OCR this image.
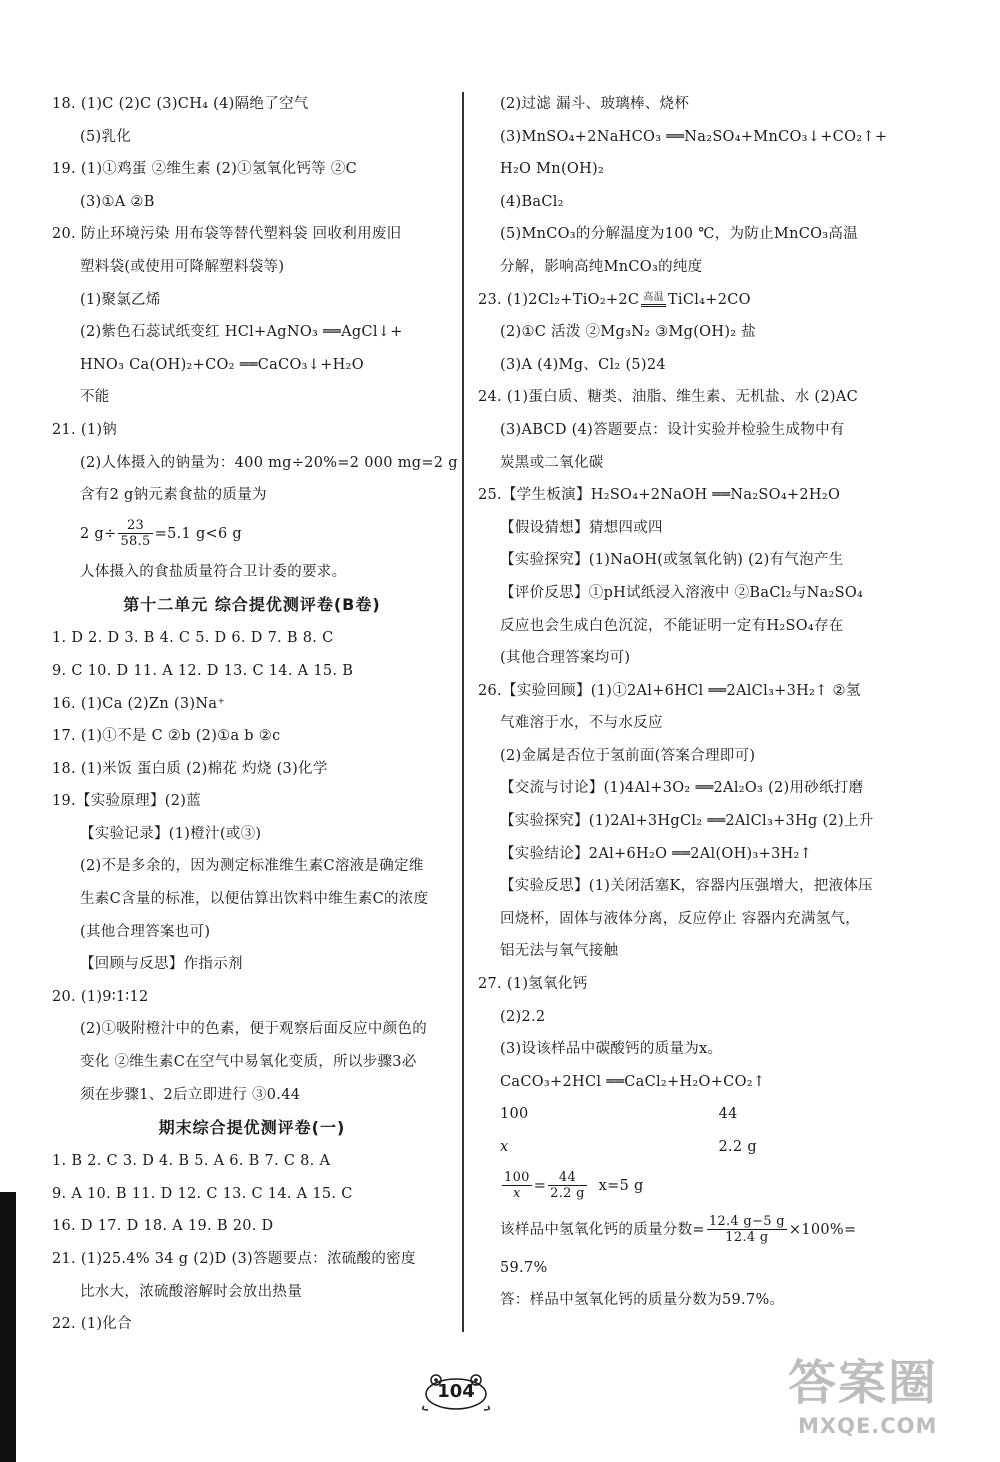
18. (1)C (2)C (3)CH₄ (4)隔绝了空气
(5)乳化
19. (1)①鸡蛋 ②维生素 (2)①氢氧化钙等 ②C
(3)①A ②B
20. 防止环境污染 用布袋等替代塑料袋 回收利用废旧
塑料袋(或使用可降解塑料袋等)
(1)聚氯乙烯
(2)紫色石蕊试纸变红 HCl+AgNO₃ ══AgCl↓+
HNO₃ Ca(OH)₂+CO₂ ══CaCO₃↓+H₂O
不能
21. (1)钠
(2)人体摄入的钠量为：400 mg÷20%=2 000 mg=2 g
含有2 g钠元素食盐的质量为
2 $g\div \frac{23}{58.5} =5.1$ g<6 g
人体摄入的食盐质量符合卫计委的要求。
第十二单元 综合提优测评卷(B卷)
1. D 2. D 3. B 4. C 5. D 6. D 7. B 8. C
9. C 10. D 11. A 12. D 13. C 14. A 15. B
16. (1)Ca (2)Zn (3)Na⁺
17. (1)①不是 C ②b (2)①a b ②c
18. (1)米饭 蛋白质 (2)棉花 灼烧 (3)化学
19.【实验原理】(2)蓝
【实验记录】(1)橙汁(或③)
(2)不是多余的，因为测定标准维生素C溶液是确定维
生素C含量的标准，以便估算出饮料中维生素C的浓度
(其他合理答案也可)
【回顾与反思】作指示剂
20. (1)9∶1∶12
(2)①吸附橙汁中的色素，便于观察后面反应中颜色的
变化 ②维生素C在空气中易氧化变质，所以步骤3必
须在步骤1、2后立即进行 ③0.44
期末综合提优测评卷(一)
1. B 2. C 3. D 4. B 5. A 6. B 7. C 8. A
9. A 10. B 11. D 12. C 13. C 14. A 15. C
16. D 17. D 18. A 19. B 20. D
21. (1)25.4% 34 g (2)D (3)答题要点：浓硫酸的密度
比水大，浓硫酸溶解时会放出热量
22. (1)化合
(2)过滤 漏斗、玻璃棒、烧杯
(3)MnSO₄+2NaHCO₃ ══Na₂SO₄+MnCO₃↓+CO₂↑+
H₂O Mn(OH)₂
(4)BaCl₂
(5)MnCO₃的分解温度为100 ℃，为防止MnCO₃高温
分解，影响高纯MnCO₃的纯度
23. (1)2Cl₂+TiO₂+2C 高温 TiCl₄+2CO
(2)①C 活泼 ②Mg₃N₂ ③Mg(OH)₂ 盐
(3)A (4)Mg、Cl₂ (5)24
24. (1)蛋白质、糖类、油脂、维生素、无机盐、水 (2)AC
(3)ABCD (4)答题要点：设计实验并检验生成物中有
炭黑或二氧化碳
25.【学生板演】H₂SO₄+2NaOH ══Na₂SO₄+2H₂O
【假设猜想】猜想四或四
【实验探究】(1)NaOH(或氢氧化钠) (2)有气泡产生
【评价反思】①pH试纸浸入溶液中 ②BaCl₂与Na₂SO₄
反应也会生成白色沉淀，不能证明一定有H₂SO₄存在
(其他合理答案均可)
26.【实验回顾】(1)①2Al+6HCl ══2AlCl₃+3H₂↑ ②氢
气难溶于水，不与水反应
(2)金属是否位于氢前面(答案合理即可)
【交流与讨论】(1)4Al+3O₂ ══2Al₂O₃ (2)用砂纸打磨
【实验探究】(1)2Al+3HgCl₂ ══2AlCl₃+3Hg (2)上升
【实验结论】2Al+6H₂O ══2Al(OH)₃+3H₂↑
【实验反思】(1)关闭活塞K，容器内压强增大，把液体压
回烧杯，固体与液体分离，反应停止 容器内充满氢气，
铝无法与氧气接触
27. (1)氢氧化钙
(2)2.2
(3)设该样品中碳酸钙的质量为x。
CaCO₃+2HCl ══CaCl₂+H₂O+CO₂↑
100	44
x	2.2 g
$\frac{100}{x} = \frac{44}{2.2 g} x=5$ g
该样品中氢氧化钙的质量分数= $\frac{12.4 g-5 g}{12.4 g} \times 100\%=$
59.7%
答：样品中氢氧化钙的质量分数为59.7%。
104	答案圈
MXQE.COM
